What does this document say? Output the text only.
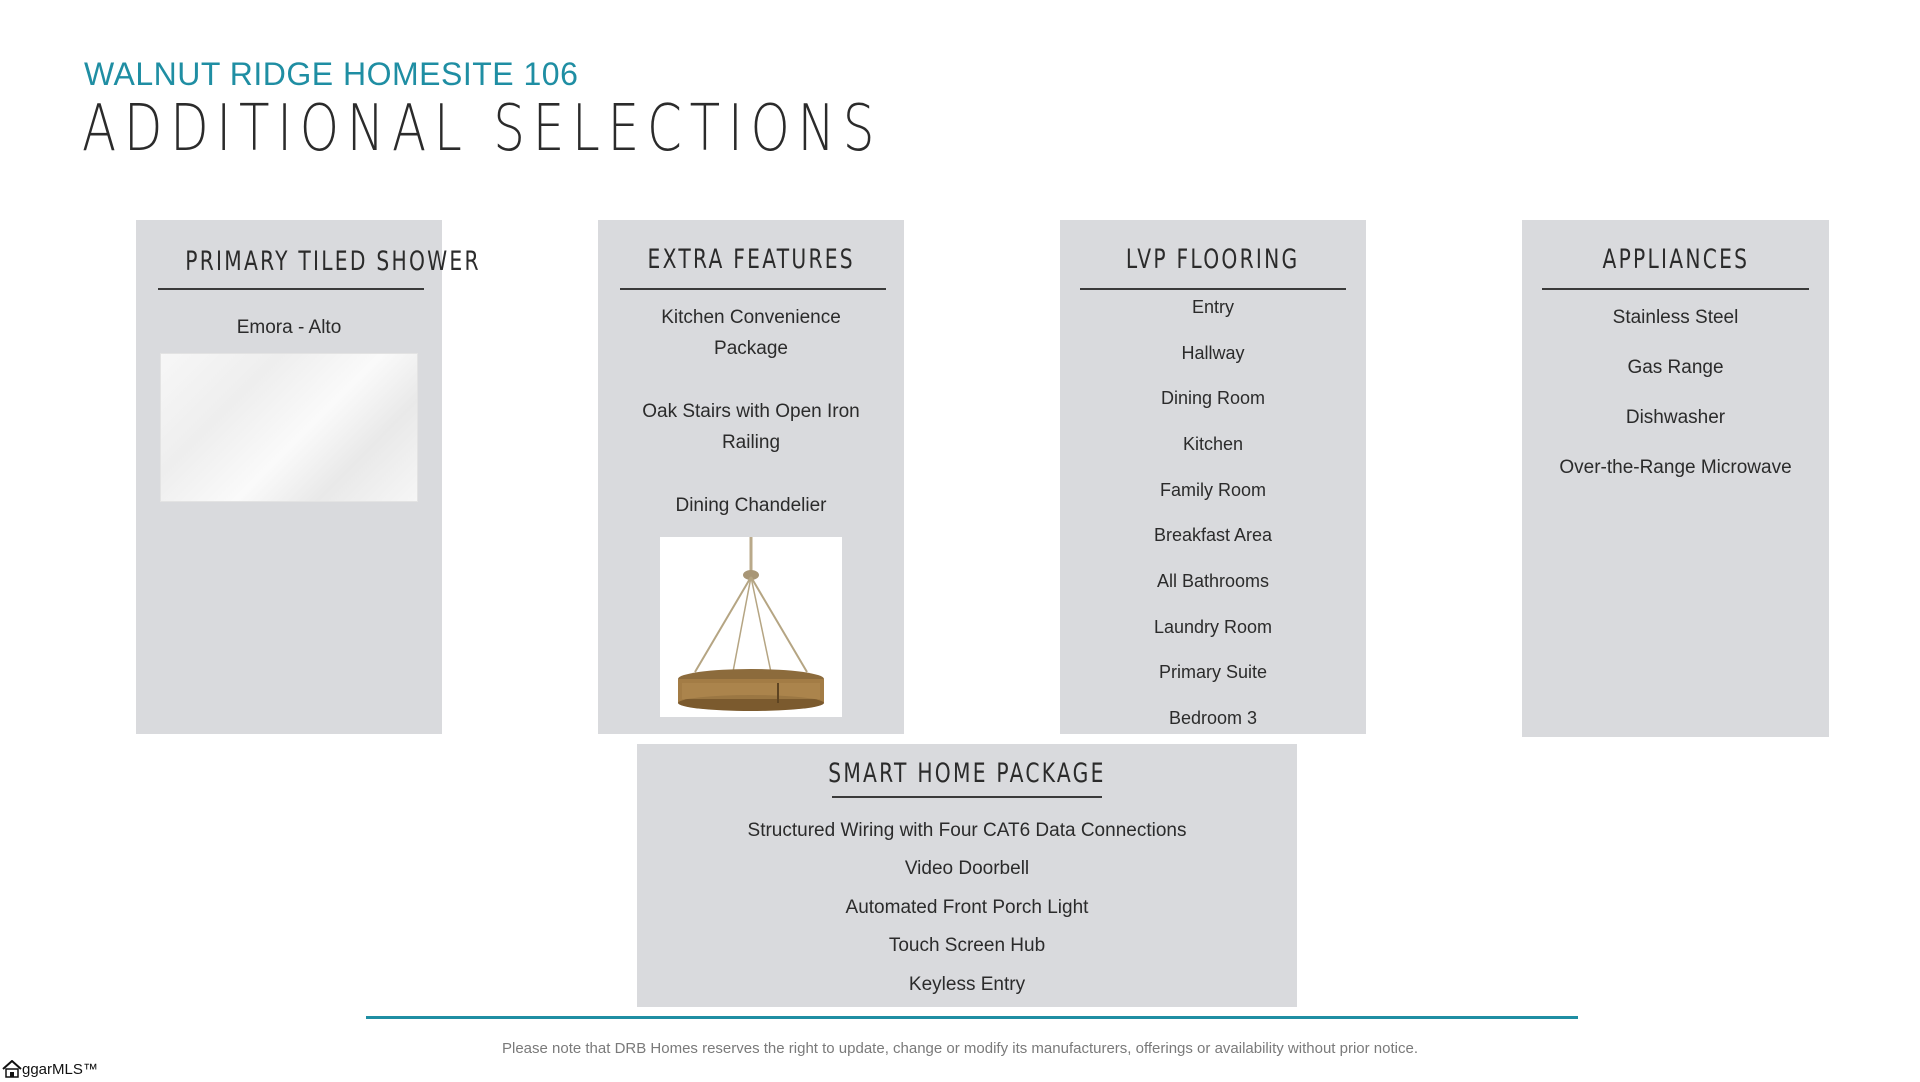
WALNUT RIDGE HOMESITE 106
ADDITIONAL SELECTIONS
PRIMARY TILED SHOWER
Emora - Alto
EXTRA FEATURES
Kitchen Convenience
Package
Oak Stairs with Open Iron
Railing
Dining Chandelier
LVP FLOORING
Entry
Hallway
Dining Room
Kitchen
Family Room
Breakfast Area
All Bathrooms
Laundry Room
Primary Suite
Bedroom 3
APPLIANCES
Stainless Steel
Gas Range
Dishwasher
Over-the-Range Microwave
SMART HOME PACKAGE
Structured Wiring with Four CAT6 Data Connections
Video Doorbell
Automated Front Porch Light
Touch Screen Hub
Keyless Entry
Please note that DRB Homes reserves the right to update, change or modify its manufacturers, offerings or availability without prior notice.
ggarMLS™
